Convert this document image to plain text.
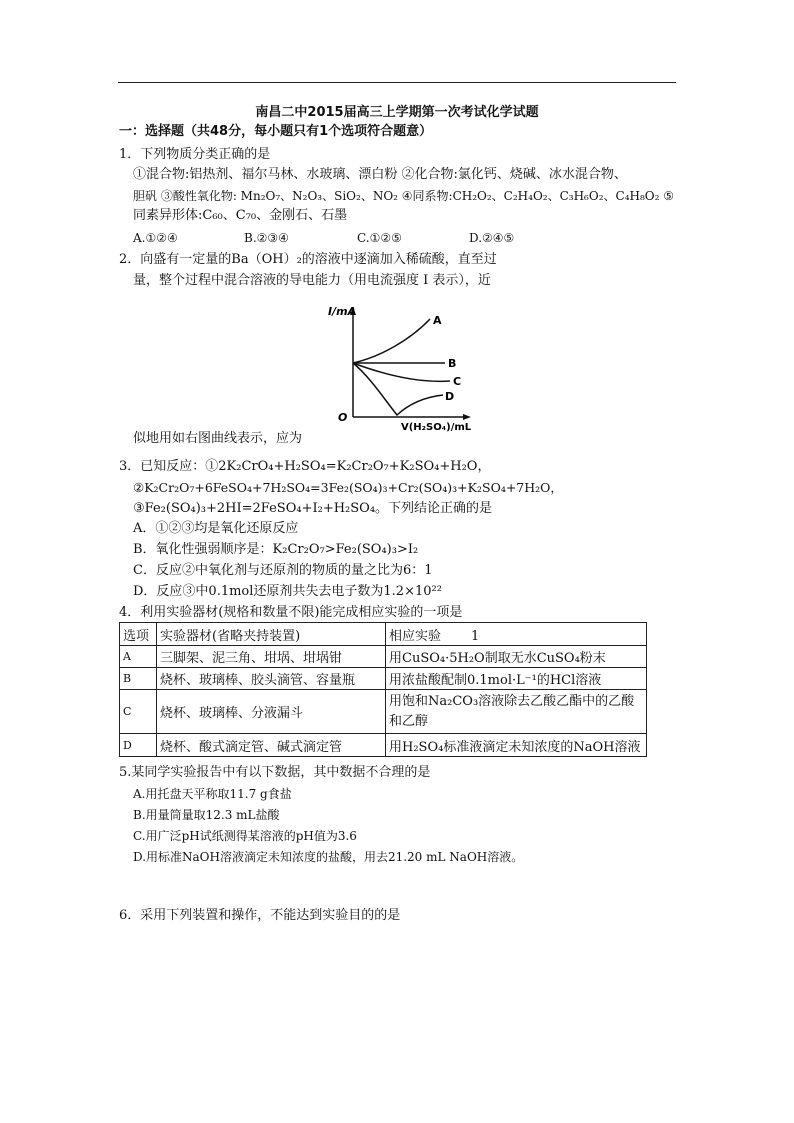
南昌二中2015届高三上学期第一次考试化学试题
一：选择题（共48分，每小题只有1个选项符合题意）
1．下列物质分类正确的是
①混合物:铝热剂、福尔马林、水玻璃、漂白粉 ②化合物:氯化钙、烧碱、冰水混合物、
胆矾 ③酸性氧化物: Mn₂O₇、N₂O₃、SiO₂、NO₂ ④同系物:CH₂O₂、C₂H₄O₂、C₃H₆O₂、C₄H₈O₂ ⑤
同素异形体:C₆₀、C₇₀、金刚石、石墨
A.①②④	B.②③④	C.①②⑤	D.②④⑤
2．向盛有一定量的Ba（OH）₂的溶液中逐滴加入稀硫酸，直至过
量，整个过程中混合溶液的导电能力（用电流强度 I 表示），近
I/mA
O
V(H₂SO₄)/mL
A
B
C
D
似地用如右图曲线表示，应为
3．已知反应：①2K₂CrO₄+H₂SO₄=K₂Cr₂O₇+K₂SO₄+H₂O，
②K₂Cr₂O₇+6FeSO₄+7H₂SO₄=3Fe₂(SO₄)₃+Cr₂(SO₄)₃+K₂SO₄+7H₂O，
③Fe₂(SO₄)₃+2HI=2FeSO₄+I₂+H₂SO₄。下列结论正确的是
A．①②③均是氧化还原反应
B．氧化性强弱顺序是：K₂Cr₂O₇>Fe₂(SO₄)₃>I₂
C．反应②中氧化剂与还原剂的物质的量之比为6：1
D．反应③中0.1mol还原剂共失去电子数为1.2×10²²
4．利用实验器材(规格和数量不限)能完成相应实验的一项是
选项	实验器材(省略夹持装置)	相应实验 1
A	三脚架、泥三角、坩埚、坩埚钳	用CuSO₄·5H₂O制取无水CuSO₄粉末
B	烧杯、玻璃棒、胶头滴管、容量瓶	用浓盐酸配制0.1mol·L⁻¹的HCl溶液
C	烧杯、玻璃棒、分液漏斗	用饱和Na₂CO₃溶液除去乙酸乙酯中的乙酸
和乙醇
D	烧杯、酸式滴定管、碱式滴定管	用H₂SO₄标准液滴定未知浓度的NaOH溶液
5.某同学实验报告中有以下数据，其中数据不合理的是
A.用托盘天平称取11.7 g食盐
B.用量筒量取12.3 mL盐酸
C.用广泛pH试纸测得某溶液的pH值为3.6
D.用标准NaOH溶液滴定未知浓度的盐酸，用去21.20 mL NaOH溶液。
6．采用下列装置和操作，不能达到实验目的的是
